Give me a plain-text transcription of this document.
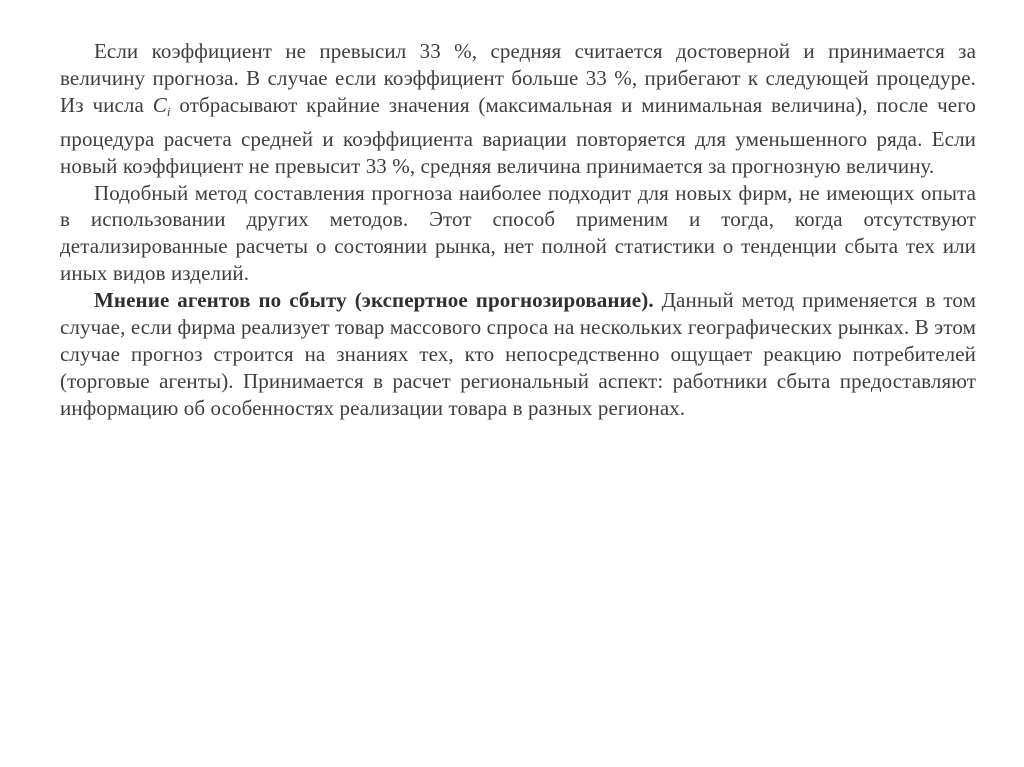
Если коэффициент не превысил 33 %, средняя считается достоверной и принимается за величину прогноза. В случае если коэффициент больше 33 %, прибегают к следующей процедуре. Из числа $C_i$ отбрасывают крайние значения (максимальная и минимальная величина), после чего процедура расчета средней и коэффициента вариации повторяется для уменьшенного ряда. Если новый коэффициент не превысит 33 %, средняя величина принимается за прогнозную величину.

Подобный метод составления прогноза наиболее подходит для новых фирм, не имеющих опыта в использовании других методов. Этот способ применим и тогда, когда отсутствуют детализированные расчеты о состоянии рынка, нет полной статистики о тенденции сбыта тех или иных видов изделий.

Мнение агентов по сбыту (экспертное прогнозирование). Данный метод применяется в том случае, если фирма реализует товар массового спроса на нескольких географических рынках. В этом случае прогноз строится на знаниях тех, кто непосредственно ощущает реакцию потребителей (торговые агенты). Принимается в расчет региональный аспект: работники сбыта предоставляют информацию об особенностях реализации товара в разных регионах.
